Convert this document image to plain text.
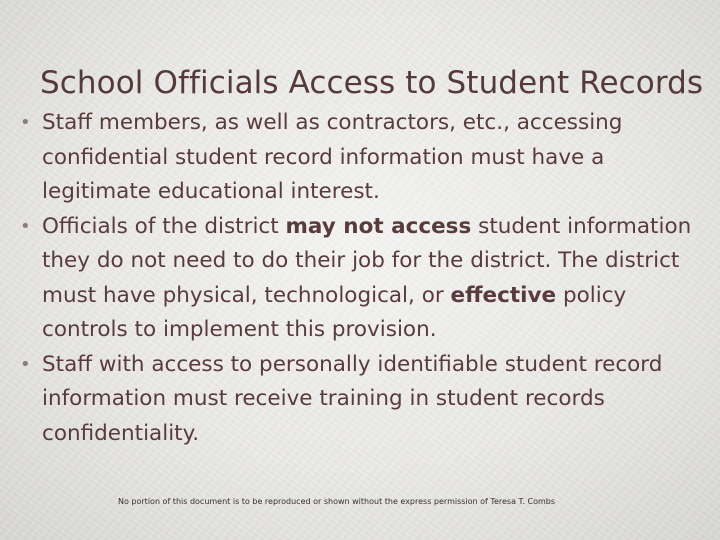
School Officials Access to Student Records
• Staff members, as well as contractors, etc., accessing confidential student record information must have a legitimate educational interest.
• Officials of the district may not access student information they do not need to do their job for the district. The district must have physical, technological, or effective policy controls to implement this provision.
• Staff with access to personally identifiable student record information must receive training in student records confidentiality.
No portion of this document is to be reproduced or shown without the express permission of Teresa T. Combs
